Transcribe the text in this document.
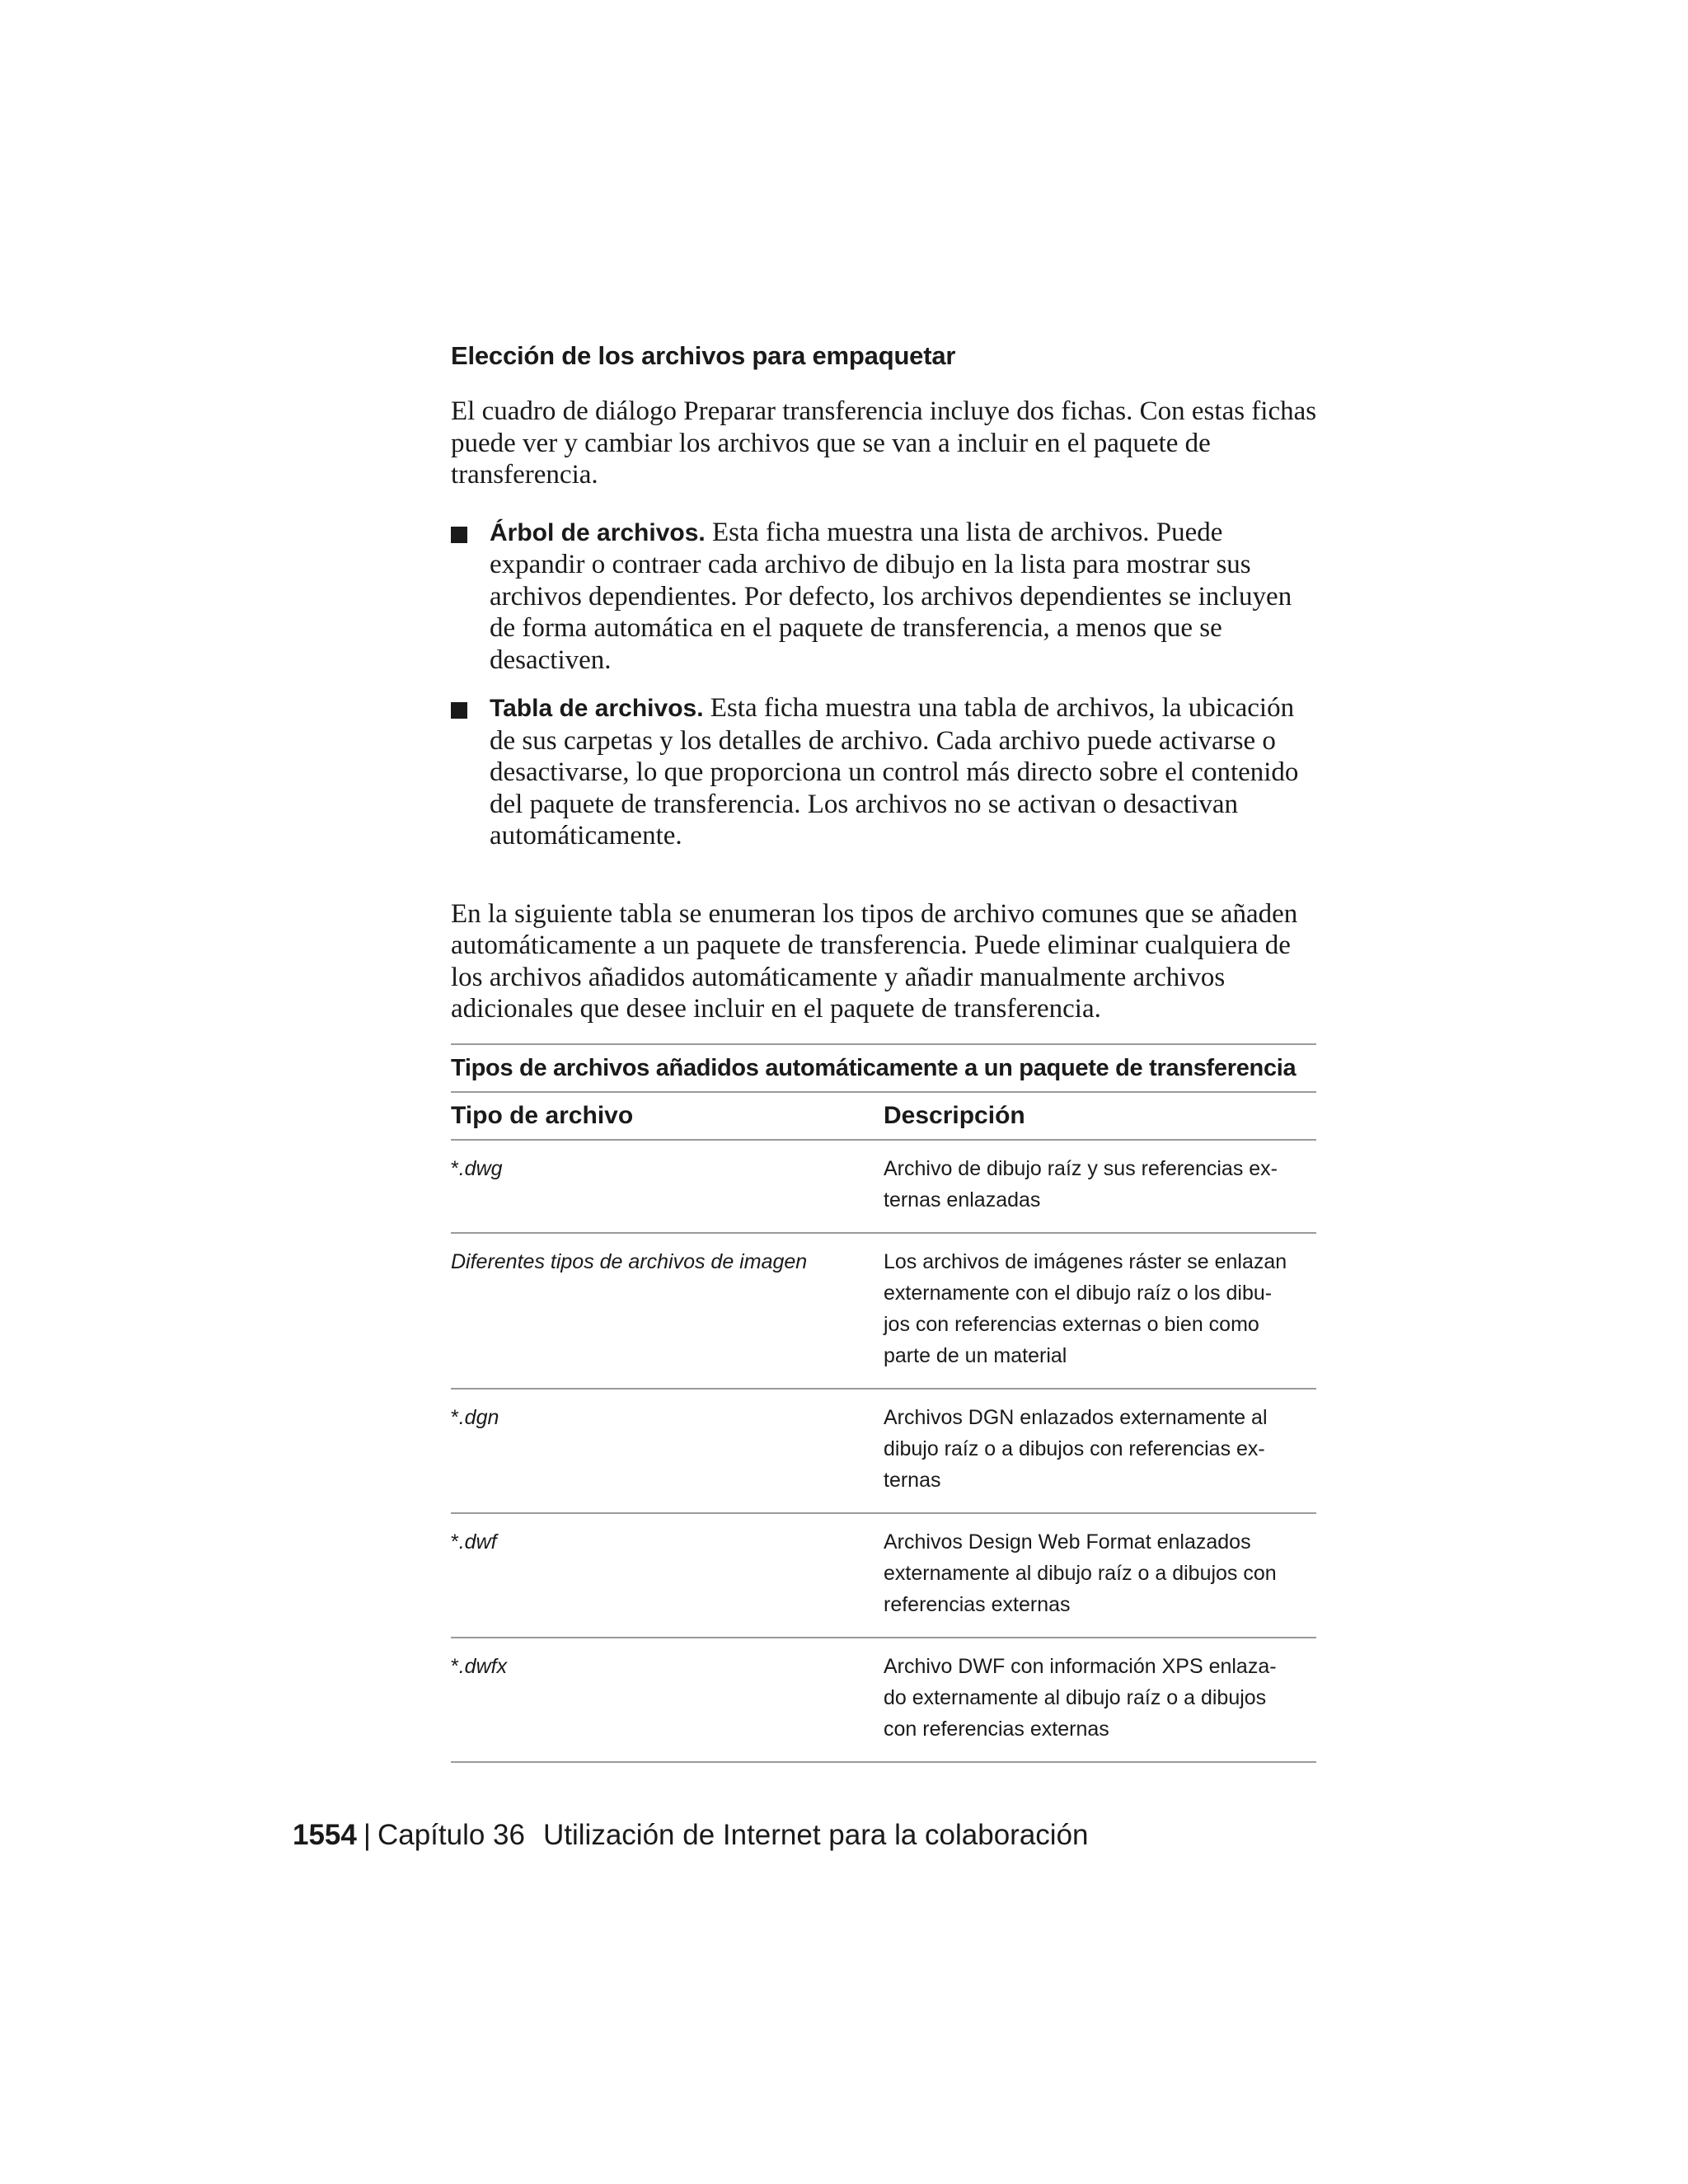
Elección de los archivos para empaquetar

El cuadro de diálogo Preparar transferencia incluye dos fichas. Con estas fichas puede ver y cambiar los archivos que se van a incluir en el paquete de transferencia.

Árbol de archivos. Esta ficha muestra una lista de archivos. Puede expandir o contraer cada archivo de dibujo en la lista para mostrar sus archivos dependientes. Por defecto, los archivos dependientes se incluyen de forma automática en el paquete de transferencia, a menos que se desactiven.
Tabla de archivos. Esta ficha muestra una tabla de archivos, la ubicación de sus carpetas y los detalles de archivo. Cada archivo puede activarse o desactivarse, lo que proporciona un control más directo sobre el contenido del paquete de transferencia. Los archivos no se activan o desactivan automáticamente.

En la siguiente tabla se enumeran los tipos de archivo comunes que se añaden automáticamente a un paquete de transferencia. Puede eliminar cualquiera de los archivos añadidos automáticamente y añadir manualmente archivos adicionales que desee incluir en el paquete de transferencia.

Tipos de archivos añadidos automáticamente a un paquete de transferencia
Tipo de archivo	Descripción
*.dwg	Archivo de dibujo raíz y sus referencias ex-
ternas enlazadas
Diferentes tipos de archivos de imagen	Los archivos de imágenes ráster se enlazan
externamente con el dibujo raíz o los dibu-
jos con referencias externas o bien como
parte de un material
*.dgn	Archivos DGN enlazados externamente al
dibujo raíz o a dibujos con referencias ex-
ternas
*.dwf	Archivos Design Web Format enlazados
externamente al dibujo raíz o a dibujos con
referencias externas
*.dwfx	Archivo DWF con información XPS enlaza-
do externamente al dibujo raíz o a dibujos
con referencias externas
1554 | Capítulo 36 Utilización de Internet para la colaboración
